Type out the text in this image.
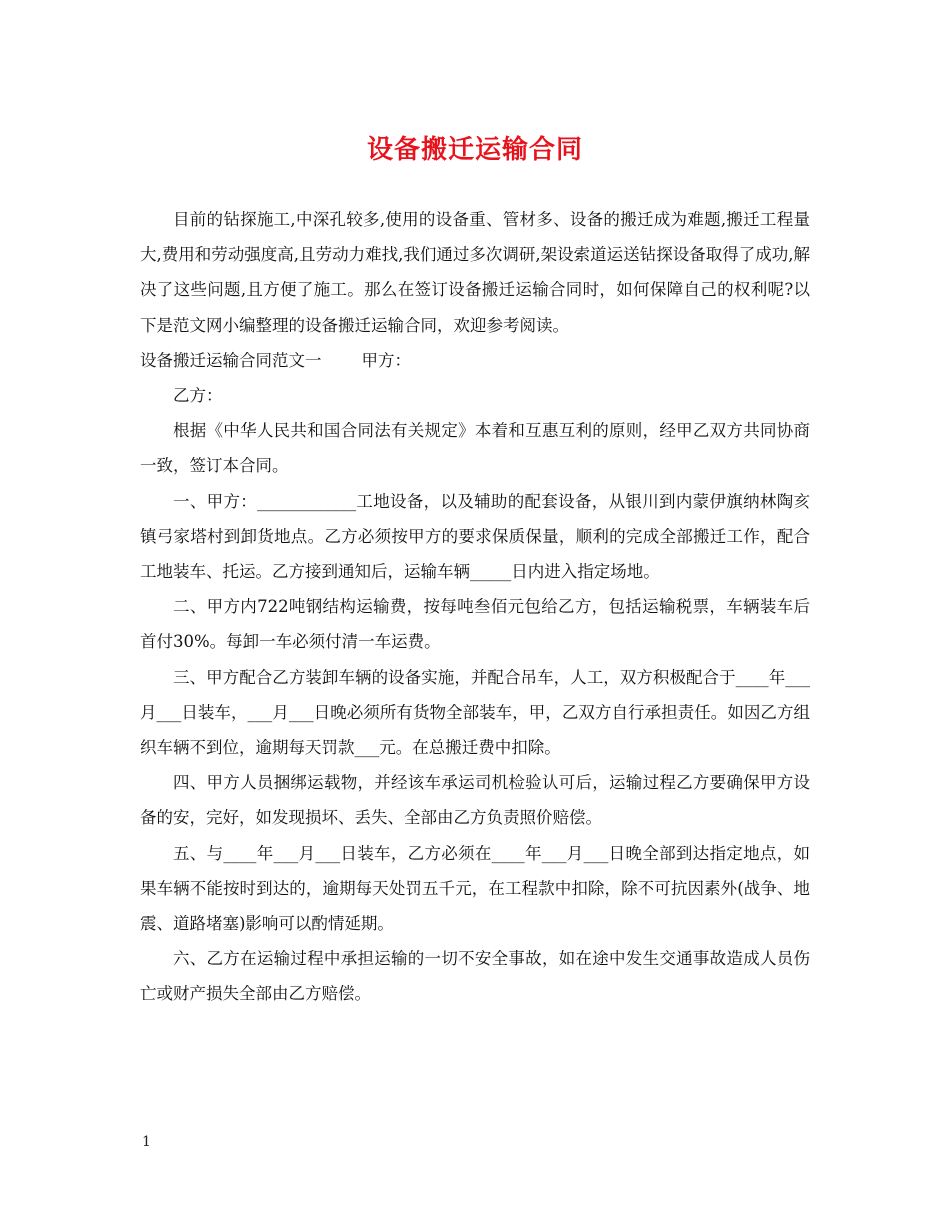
设备搬迁运输合同

目前的钻探施工,中深孔较多,使用的设备重、管材多、设备的搬迁成为难题,搬迁工程量大,费用和劳动强度高,且劳动力难找,我们通过多次调研,架设索道运送钻探设备取得了成功,解决了这些问题,且方便了施工。那么在签订设备搬迁运输合同时，如何保障自己的权利呢?以下是范文网小编整理的设备搬迁运输合同，欢迎参考阅读。

设备搬迁运输合同范文一 甲方：

乙方：

根据《中华人民共和国合同法有关规定》本着和互惠互利的原则，经甲乙双方共同协商一致，签订本合同。

一、甲方：____________工地设备，以及辅助的配套设备，从银川到内蒙伊旗纳林陶亥镇弓家塔村到卸货地点。乙方必须按甲方的要求保质保量，顺利的完成全部搬迁工作，配合工地装车、托运。乙方接到通知后，运输车辆_____日内进入指定场地。

二、甲方内722吨钢结构运输费，按每吨叁佰元包给乙方，包括运输税票，车辆装车后首付30%。每卸一车必须付清一车运费。

三、甲方配合乙方装卸车辆的设备实施，并配合吊车，人工，双方积极配合于____年___月___日装车，___月___日晚必须所有货物全部装车，甲，乙双方自行承担责任。如因乙方组织车辆不到位，逾期每天罚款___元。在总搬迁费中扣除。

四、甲方人员捆绑运载物，并经该车承运司机检验认可后，运输过程乙方要确保甲方设备的安，完好，如发现损坏、丢失、全部由乙方负责照价赔偿。

五、与____年___月___日装车，乙方必须在____年___月___日晚全部到达指定地点，如果车辆不能按时到达的，逾期每天处罚五千元，在工程款中扣除，除不可抗因素外(战争、地震、道路堵塞)影响可以酌情延期。

六、乙方在运输过程中承担运输的一切不安全事故，如在途中发生交通事故造成人员伤亡或财产损失全部由乙方赔偿。

1
